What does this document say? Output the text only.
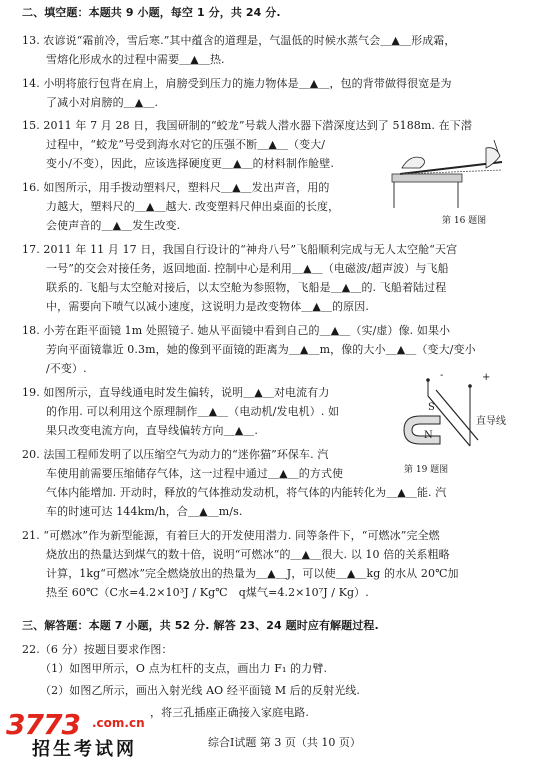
二、填空题：本题共 9 小题，每空 1 分，共 24 分.
13. 农谚说“霜前冷，雪后寒.”其中蕴含的道理是，气温低的时候水蒸气会＿▲＿形成霜，
雪熔化形成水的过程中需要＿▲＿热.
14. 小明将旅行包背在肩上，肩膀受到压力的施力物体是＿▲＿，包的背带做得很宽是为
了减小对肩膀的＿▲＿.
15. 2011 年 7 月 28 日，我国研制的“蛟龙”号载人潜水器下潜深度达到了 5188m. 在下潜
过程中，“蛟龙”号受到海水对它的压强不断＿▲＿（变大/
变小/不变），因此，应该选择硬度更＿▲＿的材料制作舱壁.
16. 如图所示，用手拨动塑料尺，塑料尺＿▲＿发出声音，用的
力越大，塑料尺的＿▲＿越大. 改变塑料尺伸出桌面的长度，
会使声音的＿▲＿发生改变.
17. 2011 年 11 月 17 日，我国自行设计的“神舟八号”飞船顺利完成与无人太空舱“天宫
一号”的交会对接任务，返回地面. 控制中心是利用＿▲＿（电磁波/超声波）与飞船
联系的. 飞船与太空舱对接后，以太空舱为参照物，飞船是＿▲＿的. 飞船着陆过程
中，需要向下喷气以减小速度，这说明力是改变物体＿▲＿的原因.
18. 小芳在距平面镜 1m 处照镜子. 她从平面镜中看到自己的＿▲＿（实/虚）像. 如果小
芳向平面镜靠近 0.3m，她的像到平面镜的距离为＿▲＿m，像的大小＿▲＿（变大/变小
/不变）.
19. 如图所示，直导线通电时发生偏转，说明＿▲＿对电流有力
的作用. 可以利用这个原理制作＿▲＿（电动机/发电机）. 如
果只改变电流方向，直导线偏转方向＿▲＿.
20. 法国工程师发明了以压缩空气为动力的“迷你猫”环保车. 汽
车使用前需要压缩储存气体，这一过程中通过＿▲＿的方式使
气体内能增加. 开动时，释放的气体推动发动机，将气体的内能转化为＿▲＿能. 汽
车的时速可达 144km/h，合＿▲＿m/s.
21. “可燃冰”作为新型能源，有着巨大的开发使用潜力. 同等条件下，“可燃冰”完全燃
烧放出的热量达到煤气的数十倍，说明“可燃冰”的＿▲＿很大. 以 10 倍的关系粗略
计算，1kg“可燃冰”完全燃烧放出的热量为＿▲＿J，可以使＿▲＿kg 的水从 20℃加
热至 60℃（C水=4.2×10³J / Kg℃　q煤气=4.2×10⁷J / Kg）.
三、解答题：本题 7 小题，共 52 分. 解答 23、24 题时应有解题过程.
22.（6 分）按题目要求作图：
（1）如图甲所示，O 点为杠杆的支点，画出力 F₁ 的力臂.
（2）如图乙所示，画出入射光线 AO 经平面镜 M 后的反射光线.
，将三孔插座正确接入家庭电路.
第 16 题图
-	+
S
N
直导线
第 19 题图
3773 .com.cn
招生考试网	综合Ⅰ试题 第 3 页（共 10 页）
